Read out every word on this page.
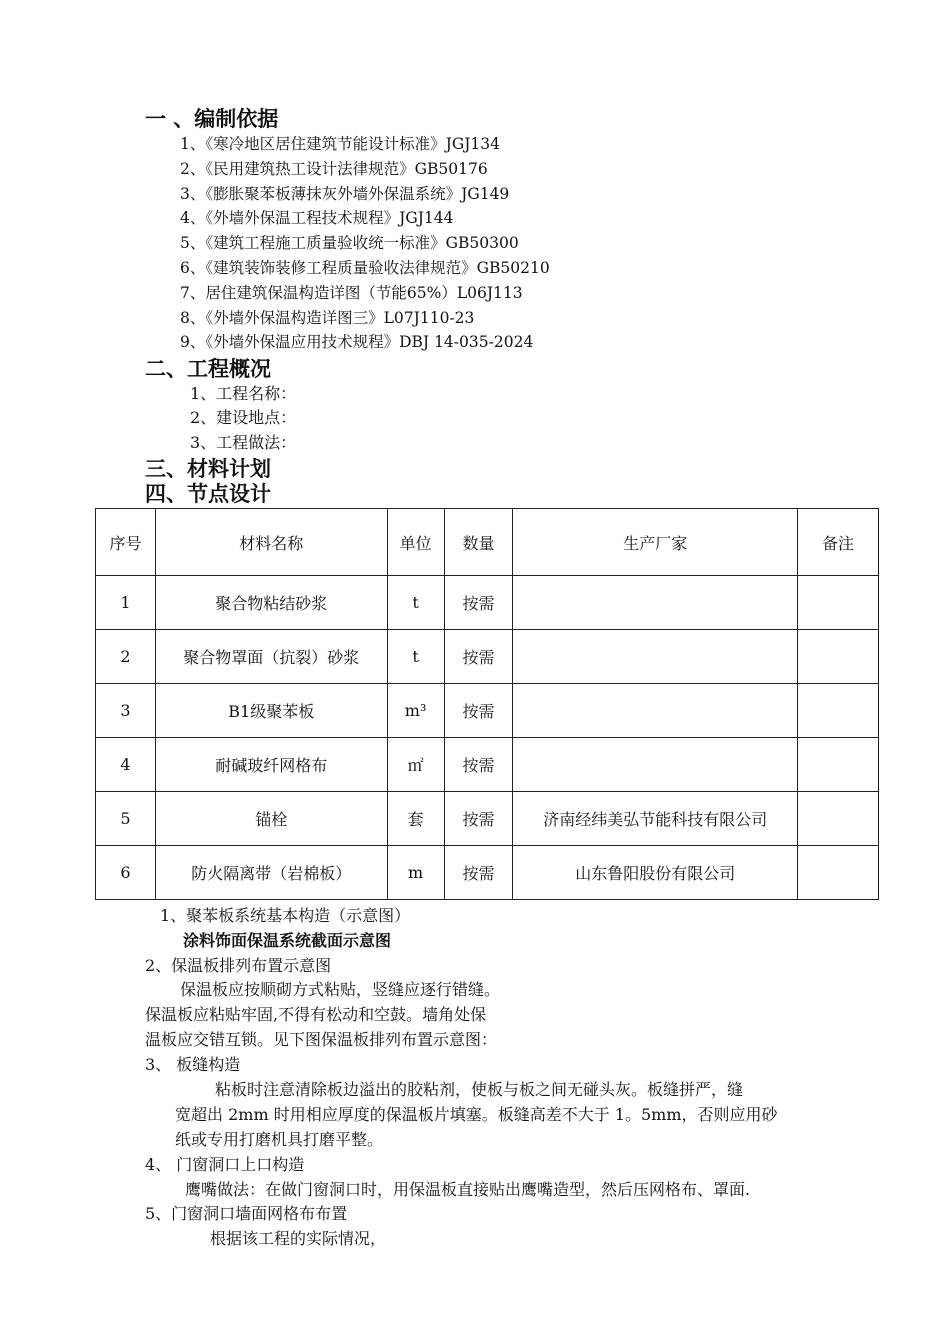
一 、编制依据
1、《寒冷地区居住建筑节能设计标准》JGJ134
2、《民用建筑热工设计法律规范》GB50176
3、《膨胀聚苯板薄抹灰外墙外保温系统》JG149
4、《外墙外保温工程技术规程》JGJ144
5、《建筑工程施工质量验收统一标准》GB50300
6、《建筑装饰装修工程质量验收法律规范》GB50210
7、居住建筑保温构造详图（节能65%）L06J113
8、《外墙外保温构造详图三》L07J110-23
9、《外墙外保温应用技术规程》DBJ 14-035-2024
二、工程概况
1、工程名称：
2、建设地点：
3、工程做法：
三、材料计划
四、节点设计
序号	材料名称	单位	数量	生产厂家	备注
1	聚合物粘结砂浆	t	按需		
2	聚合物罩面（抗裂）砂浆	t	按需		
3	B1级聚苯板	m³	按需		
4	耐碱玻纤网格布	㎡	按需		
5	锚栓	套	按需	济南经纬美弘节能科技有限公司	
6	防火隔离带（岩棉板）	m	按需	山东鲁阳股份有限公司	
1、聚苯板系统基本构造（示意图）
涂料饰面保温系统截面示意图
2、保温板排列布置示意图
保温板应按顺砌方式粘贴，竖缝应逐行错缝。
保温板应粘贴牢固,不得有松动和空鼓。墙角处保
温板应交错互锁。见下图保温板排列布置示意图：
3、 板缝构造
粘板时注意清除板边溢出的胶粘剂，使板与板之间无碰头灰。板缝拼严，缝
宽超出 2mm 时用相应厚度的保温板片填塞。板缝高差不大于 1。5mm，否则应用砂
纸或专用打磨机具打磨平整。
4、 门窗洞口上口构造
鹰嘴做法：在做门窗洞口时，用保温板直接贴出鹰嘴造型，然后压网格布、罩面.
5、门窗洞口墙面网格布布置
根据该工程的实际情况，
